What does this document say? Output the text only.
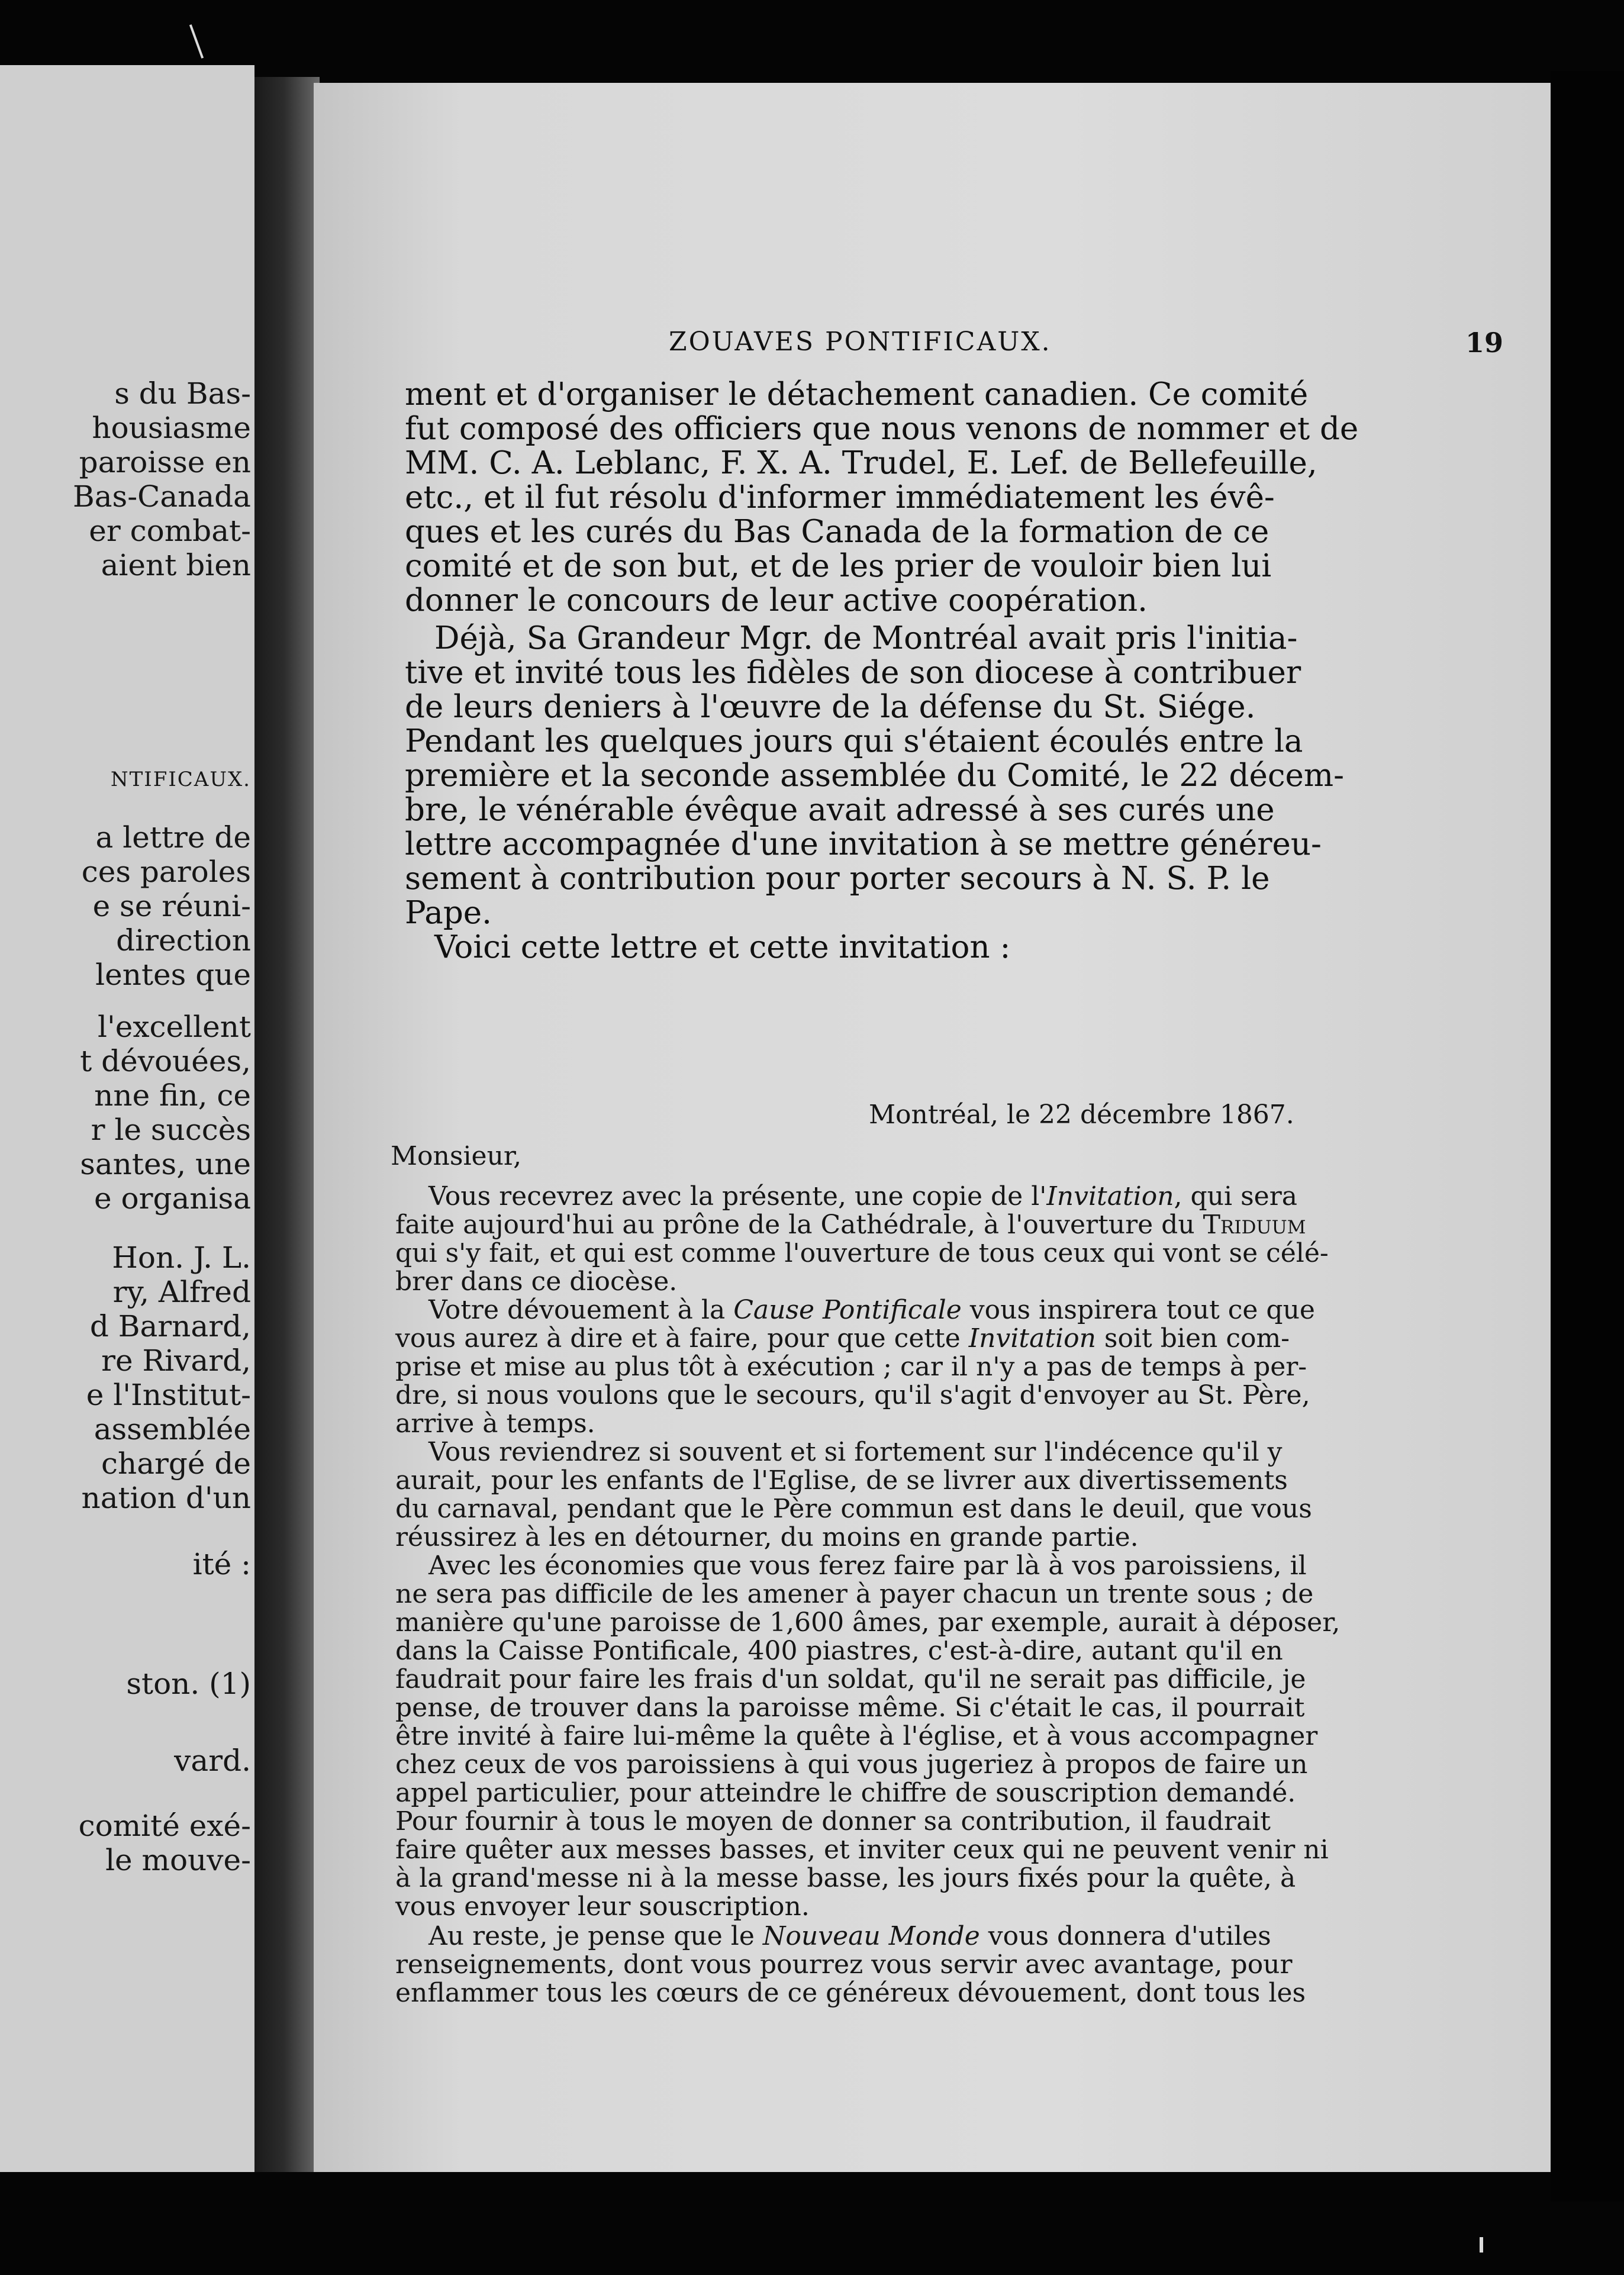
s du Bas-
housiasme
paroisse en
Bas-Canada
er combat-
aient bien
NTIFICAUX.
a lettre de
ces paroles
e se réuni-
direction
lentes que
l'excellent
t dévouées,
nne fin, ce
r le succès
santes, une
e organisa
Hon. J. L.
ry, Alfred
d Barnard,
re Rivard,
e l'Institut-
assemblée
chargé de
nation d'un
ité :
ston. (1)
vard.
comité exé-
le mouve-
ZOUAVES PONTIFICAUX.	19
ment et d'organiser le détachement canadien. Ce comité
fut composé des officiers que nous venons de nommer et de
MM. C. A. Leblanc, F. X. A. Trudel, E. Lef. de Bellefeuille,
etc., et il fut résolu d'informer immédiatement les évê-
ques et les curés du Bas Canada de la formation de ce
comité et de son but, et de les prier de vouloir bien lui
donner le concours de leur active coopération.
Déjà, Sa Grandeur Mgr. de Montréal avait pris l'initia-
tive et invité tous les fidèles de son diocese à contribuer
de leurs deniers à l'œuvre de la défense du St. Siége.
Pendant les quelques jours qui s'étaient écoulés entre la
première et la seconde assemblée du Comité, le 22 décem-
bre, le vénérable évêque avait adressé à ses curés une
lettre accompagnée d'une invitation à se mettre généreu-
sement à contribution pour porter secours à N. S. P. le
Pape.
Voici cette lettre et cette invitation :
Montréal, le 22 décembre 1867.
Monsieur,
Vous recevrez avec la présente, une copie de l'Invitation, qui sera
faite aujourd'hui au prône de la Cathédrale, à l'ouverture du Triduum
qui s'y fait, et qui est comme l'ouverture de tous ceux qui vont se célé-
brer dans ce diocèse.
Votre dévouement à la Cause Pontificale vous inspirera tout ce que
vous aurez à dire et à faire, pour que cette Invitation soit bien com-
prise et mise au plus tôt à exécution ; car il n'y a pas de temps à per-
dre, si nous voulons que le secours, qu'il s'agit d'envoyer au St. Père,
arrive à temps.
Vous reviendrez si souvent et si fortement sur l'indécence qu'il y
aurait, pour les enfants de l'Eglise, de se livrer aux divertissements
du carnaval, pendant que le Père commun est dans le deuil, que vous
réussirez à les en détourner, du moins en grande partie.
Avec les économies que vous ferez faire par là à vos paroissiens, il
ne sera pas difficile de les amener à payer chacun un trente sous ; de
manière qu'une paroisse de 1,600 âmes, par exemple, aurait à déposer,
dans la Caisse Pontificale, 400 piastres, c'est-à-dire, autant qu'il en
faudrait pour faire les frais d'un soldat, qu'il ne serait pas difficile, je
pense, de trouver dans la paroisse même. Si c'était le cas, il pourrait
être invité à faire lui-même la quête à l'église, et à vous accompagner
chez ceux de vos paroissiens à qui vous jugeriez à propos de faire un
appel particulier, pour atteindre le chiffre de souscription demandé.
Pour fournir à tous le moyen de donner sa contribution, il faudrait
faire quêter aux messes basses, et inviter ceux qui ne peuvent venir ni
à la grand'messe ni à la messe basse, les jours fixés pour la quête, à
vous envoyer leur souscription.
Au reste, je pense que le Nouveau Monde vous donnera d'utiles
renseignements, dont vous pourrez vous servir avec avantage, pour
enflammer tous les cœurs de ce généreux dévouement, dont tous les
